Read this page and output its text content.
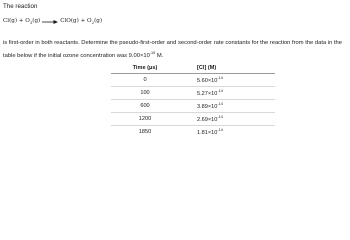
The reaction
$Cl(g) + O_3(g) \to ClO(g) + O_2(g)$
is first-order in both reactants. Determine the pseudo-first-order and second-order rate constants for the reaction from the data in the table below if the initial ozone concentration was $9.00\times 10^{-15}$ M.
Time (μs)	[Cl] (M)
0	$5.60\times 10^{-14}$
100	$5.27\times 10^{-14}$
600	$3.89\times 10^{-14}$
1200	$2.69\times 10^{-14}$
1850	$1.81\times 10^{-14}$
